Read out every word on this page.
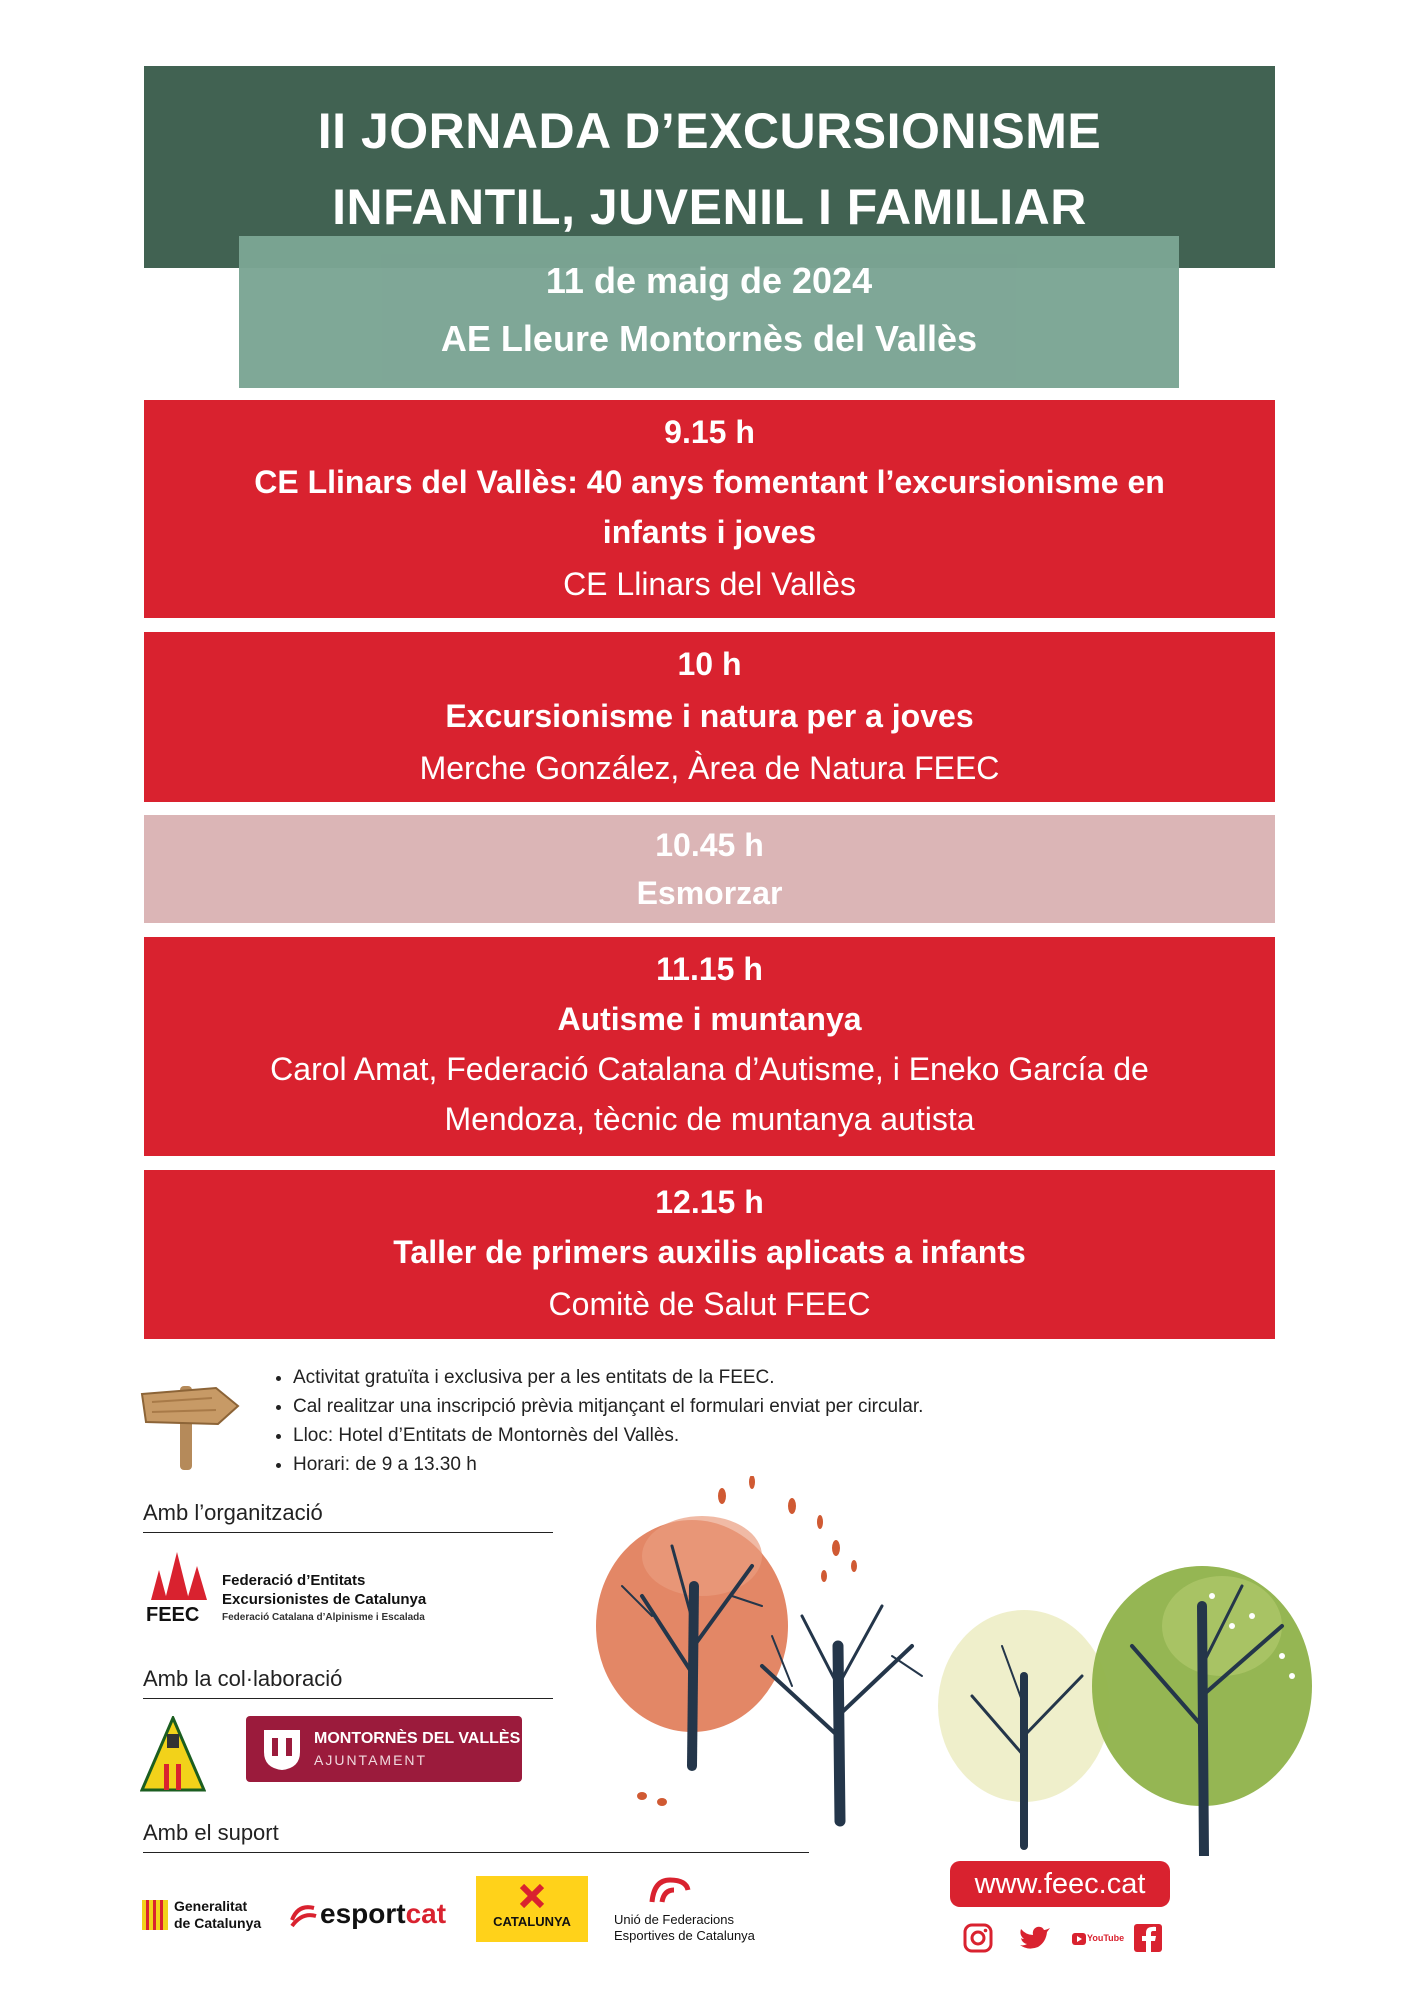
II JORNADA D’EXCURSIONISME
INFANTIL, JUVENIL I FAMILIAR
11 de maig de 2024
AE Lleure Montornès del Vallès
9.15 h
CE Llinars del Vallès: 40 anys fomentant l’excursionisme en
infants i joves
CE Llinars del Vallès
10 h
Excursionisme i natura per a joves
Merche González, Àrea de Natura FEEC
10.45 h
Esmorzar
11.15 h
Autisme i muntanya
Carol Amat, Federació Catalana d’Autisme, i Eneko García de
Mendoza, tècnic de muntanya autista
12.15 h
Taller de primers auxilis aplicats a infants
Comitè de Salut FEEC
• Activitat gratuïta i exclusiva per a les entitats de la FEEC.
• Cal realitzar una inscripció prèvia mitjançant el formulari enviat per circular.
• Lloc: Hotel d’Entitats de Montornès del Vallès.
• Horari: de 9 a 13.30 h
Amb l’organització
FEEC
Federació d’Entitats
Excursionistes de Catalunya
Federació Catalana d’Alpinisme i Escalada
Amb la col·laboració
MONTORNÈS DEL VALLÈS
AJUNTAMENT
Amb el suport
Generalitat
de Catalunya esportcat	CATALUNYA	Unió de Federacions
Esportives de Catalunya
www.feec.cat
YouTube
